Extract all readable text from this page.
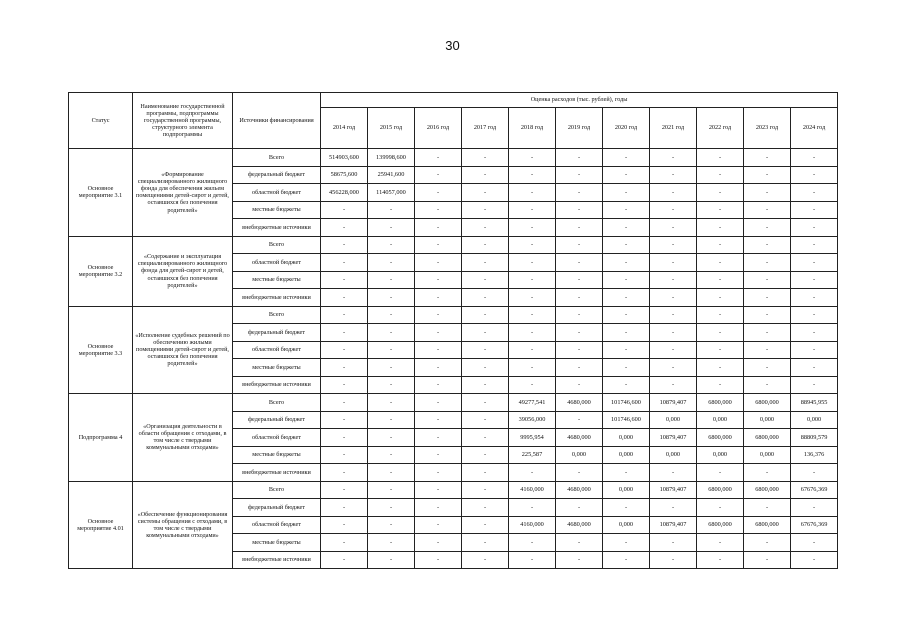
30
Статус	Наименование государственной программы, подпрограммы государственной программы, структурного элемента подпрограммы	Источники финансирования	Оценка расходов (тыс. рублей), годы										
			2014 год	2015 год	2016 год	2017 год	2018 год	2019 год	2020 год	2021 год	2022 год	2023 год	2024 год
Основное мероприятие 3.1	«Формирование специализированного жилищного фонда для обеспечения жильем помещениями детей-сирот и детей, оставшихся без попечения родителей»	Всего	514903,600	139998,600	-	-	-	-	-	-	-	-	-
		федеральный бюджет	58675,600	25941,600	-	-	-	-	-	-	-	-	-
		областной бюджет	456228,000	114057,000	-	-	-	-	-	-	-	-	-
		местные бюджеты	-	-	-	-	-	-	-	-	-	-	-
		внебюджетные источники	-	-	-	-	-	-	-	-	-	-	-
Основное мероприятие 3.2	«Содержание и эксплуатация специализированного жилищного фонда для детей-сирот и детей, оставшихся без попечения родителей»	Всего	-	-	-	-	-	-	-	-	-	-	-
		областной бюджет	-	-	-	-	-	-	-	-	-	-	-
		местные бюджеты	-	-	-	-	-	-	-	-	-	-	-
		внебюджетные источники	-	-	-	-	-	-	-	-	-	-	-
Основное мероприятие 3.3	«Исполнение судебных решений по обеспечению жилыми помещениями детей-сирот и детей, оставшихся без попечения родителей»	Всего	-	-	-	-	-	-	-	-	-	-	-
		федеральный бюджет	-	-	-	-	-	-	-	-	-	-	-
		областной бюджет	-	-	-	-	-	-	-	-	-	-	-
		местные бюджеты	-	-	-	-	-	-	-	-	-	-	-
		внебюджетные источники	-	-	-	-	-	-	-	-	-	-	-
Подпрограмма 4	«Организация деятельности в области обращения с отходами, в том числе с твердыми коммунальными отходами»	Всего	-	-	-	-	49277,541	4680,000	101746,600	10879,407	6800,000	6800,000	88945,955
		федеральный бюджет	-	-	-	-	39056,000	-	101746,600	0,000	0,000	0,000	0,000
		областной бюджет	-	-	-	-	9995,954	4680,000	0,000	10879,407	6800,000	6800,000	88809,579
		местные бюджеты	-	-	-	-	225,587	0,000	0,000	0,000	0,000	0,000	136,376
		внебюджетные источники	-	-	-	-	-	-	-	-	-	-	-
Основное мероприятие 4.01	«Обеспечение функционирования системы обращения с отходами, в том числе с твердыми коммунальными отходами»	Всего	-	-	-	-	4160,000	4680,000	0,000	10879,407	6800,000	6800,000	67676,369
		федеральный бюджет	-	-	-	-	-	-	-	-	-	-	-
		областной бюджет	-	-	-	-	4160,000	4680,000	0,000	10879,407	6800,000	6800,000	67676,369
		местные бюджеты	-	-	-	-	-	-	-	-	-	-	-
		внебюджетные источники	-	-	-	-	-	-	-	-	-	-	-
